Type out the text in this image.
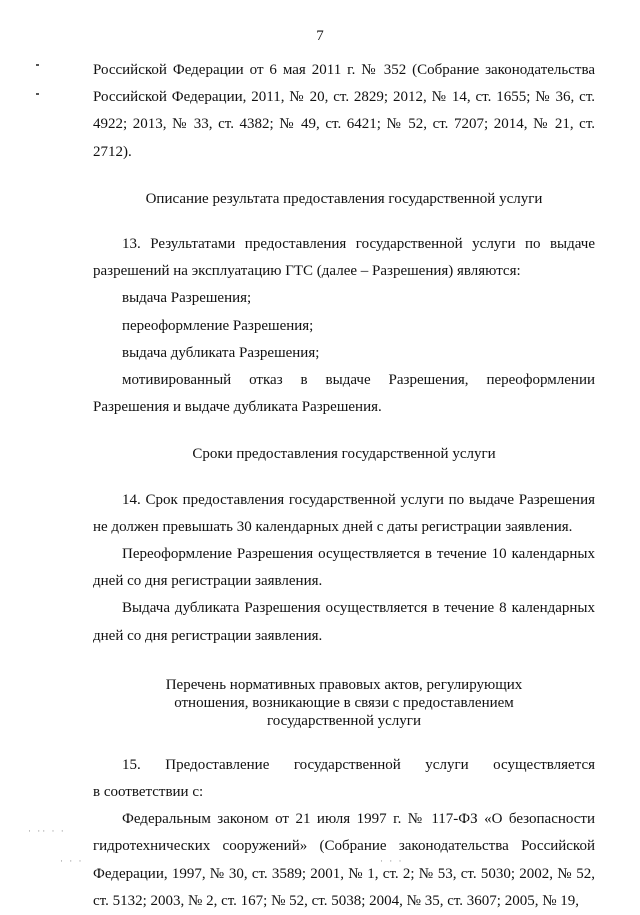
7

Российской Федерации от 6 мая 2011 г. № 352 (Собрание законодательства Российской Федерации, 2011, № 20, ст. 2829; 2012, № 14, ст. 1655; № 36, ст. 4922; 2013, № 33, ст. 4382; № 49, ст. 6421; № 52, ст. 7207; 2014, № 21, ст. 2712).

Описание результата предоставления государственной услуги

13. Результатами предоставления государственной услуги по выдаче разрешений на эксплуатацию ГТС (далее – Разрешения) являются:

выдача Разрешения;

переоформление Разрешения;

выдача дубликата Разрешения;

мотивированный отказ в выдаче Разрешения, переоформлении
Разрешения и выдаче дубликата Разрешения.

Сроки предоставления государственной услуги

14. Срок предоставления государственной услуги по выдаче Разрешения не должен превышать 30 календарных дней с даты регистрации заявления.

Переоформление Разрешения осуществляется в течение 10 календарных дней со дня регистрации заявления.

Выдача дубликата Разрешения осуществляется в течение 8 календарных дней со дня регистрации заявления.

Перечень нормативных правовых актов, регулирующих
отношения, возникающие в связи с предоставлением
государственной услуги

15. Предоставление государственной услуги осуществляется
в соответствии с:

Федеральным законом от 21 июля 1997 г. № 117-ФЗ «О безопасности гидротехнических сооружений» (Собрание законодательства Российской Федерации, 1997, № 30, ст. 3589; 2001, № 1, ст. 2; № 53, ст. 5030; 2002, № 52, ст. 5132; 2003, № 2, ст. 167; № 52, ст. 5038; 2004, № 35, ст. 3607; 2005, № 19,

· ·· · ·
· · ·	· · ·
